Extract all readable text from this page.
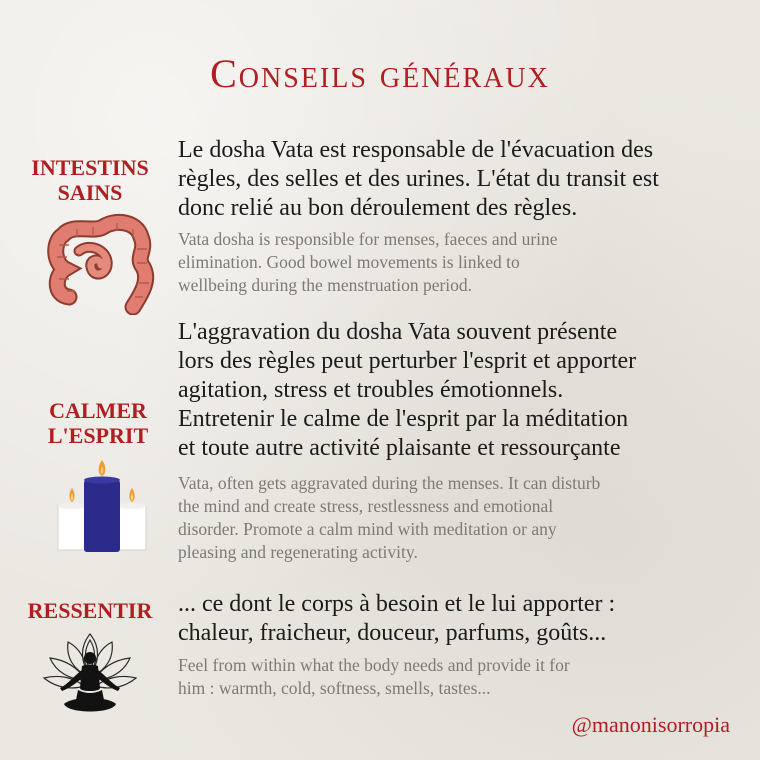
Conseils généraux
INTESTINS
SAINS
Le dosha Vata est responsable de l'évacuation des
règles, des selles et des urines. L'état du transit est
donc relié au bon déroulement des règles.
Vata dosha is responsible for menses, faeces and urine
elimination. Good bowel movements is linked to
wellbeing during the menstruation period.
L'aggravation du dosha Vata souvent présente
lors des règles peut perturber l'esprit et apporter
agitation, stress et troubles émotionnels.
Entretenir le calme de l'esprit par la méditation
et toute autre activité plaisante et ressourçante
CALMER
L'ESPRIT
Vata, often gets aggravated during the menses. It can disturb
the mind and create stress, restlessness and emotional
disorder. Promote a calm mind with meditation or any
pleasing and regenerating activity.
RESSENTIR ... ce dont le corps à besoin et le lui apporter :
chaleur, fraicheur, douceur, parfums, goûts...
Feel from within what the body needs and provide it for
him : warmth, cold, softness, smells, tastes...
@manonisorropia
